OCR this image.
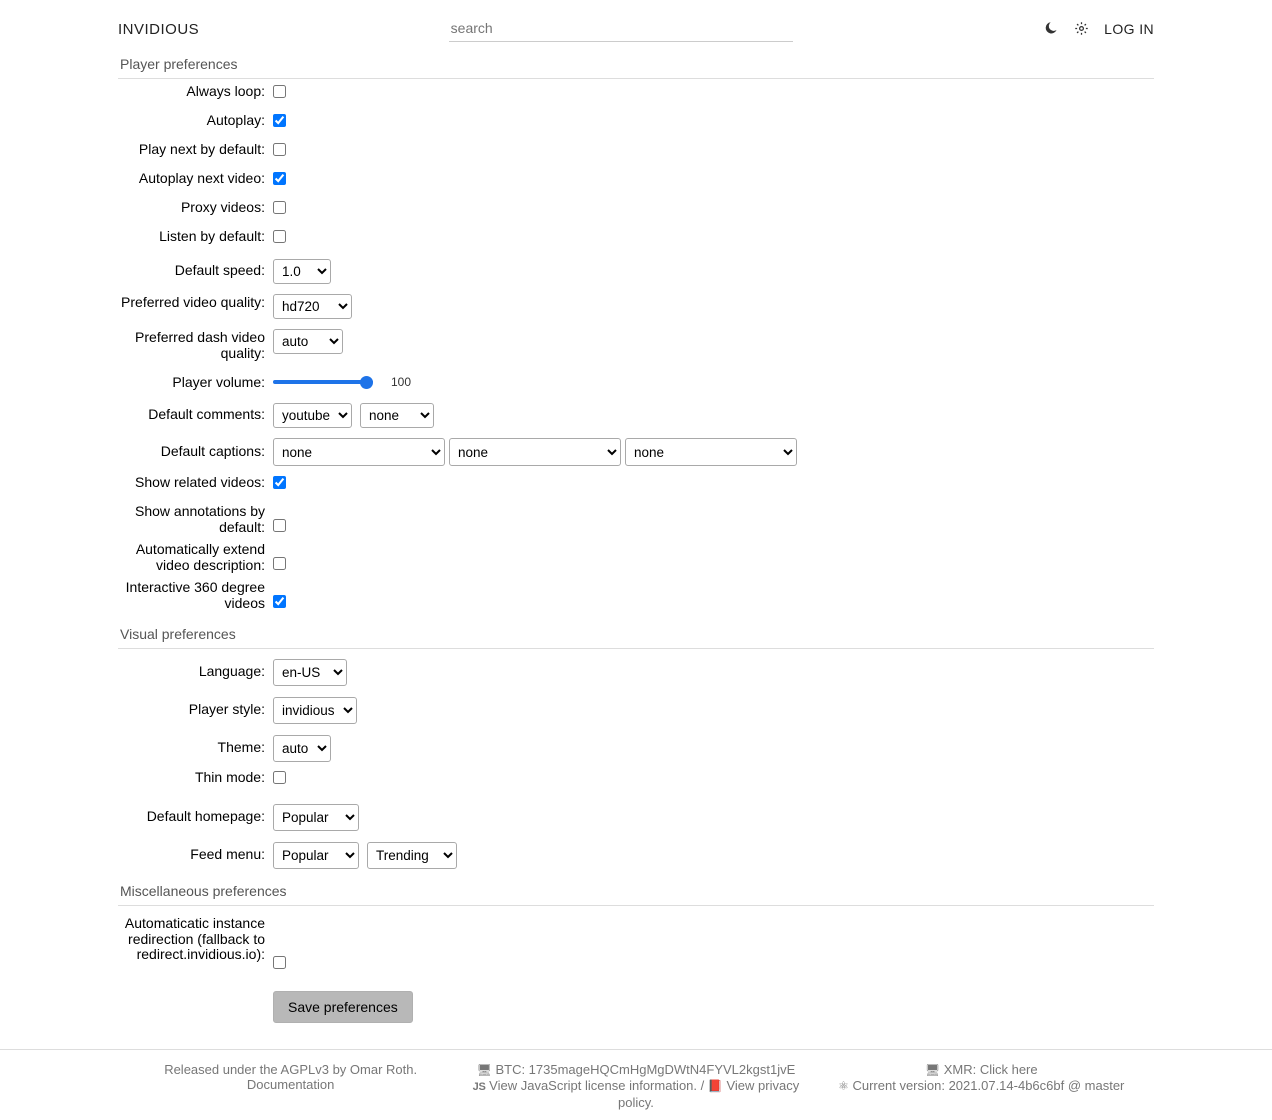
INVIDIOUS
search	LOG IN
Player preferences
Always loop:
Autoplay:
Play next by default:
Autoplay next video:
Proxy videos:
Listen by default:
Default speed:
1.0
Preferred video quality:
hd720
Preferred dash video quality:
auto
Player volume:	100
Default comments:
youtube
none
Default captions:
none
none
none
Show related videos:
Show annotations by default:
Automatically extend video description:
Interactive 360 degree videos
Visual preferences
Language:
en-US
Player style:
invidious
Theme:
auto
Thin mode:
Default homepage:
Popular
Feed menu:
Popular
Trending
Miscellaneous preferences
Automaticatic instance redirection (fallback to redirect.invidious.io):
Save preferences
Released under the AGPLv3 by Omar Roth.
Documentation
🖥 BTC: 1735mageHQCmHgMgDWtN4FYVL2kgst1jvE
JS View JavaScript license information. / 📕 View privacy policy.
🖥 XMR: Click here
⚛ Current version: 2021.07.14-4b6c6bf @ master
